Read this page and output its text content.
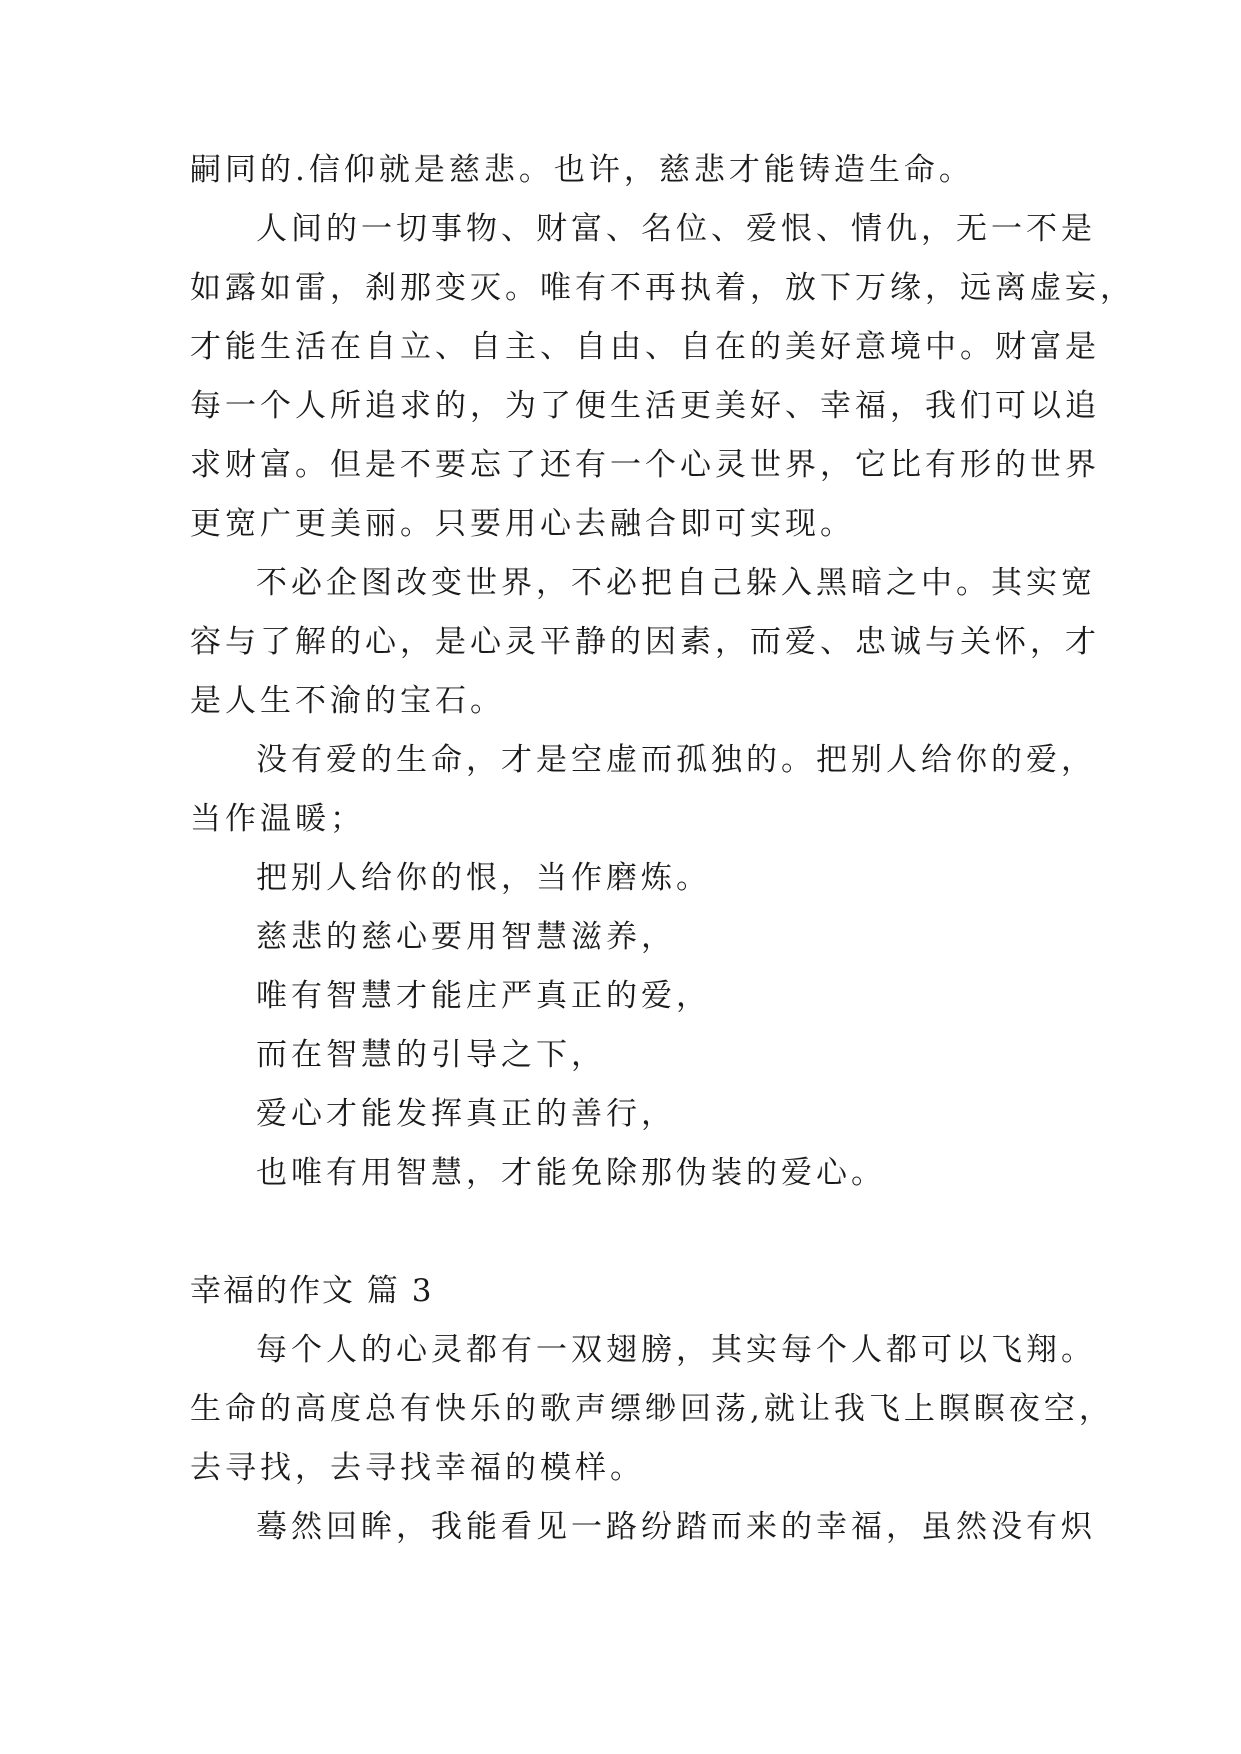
嗣同的.信仰就是慈悲。也许，慈悲才能铸造生命。
人间的一切事物、财富、名位、爱恨、情仇，无一不是
如露如雷，刹那变灭。唯有不再执着，放下万缘，远离虚妄，
才能生活在自立、自主、自由、自在的美好意境中。财富是
每一个人所追求的，为了便生活更美好、幸福，我们可以追
求财富。但是不要忘了还有一个心灵世界，它比有形的世界
更宽广更美丽。只要用心去融合即可实现。
不必企图改变世界，不必把自己躲入黑暗之中。其实宽
容与了解的心，是心灵平静的因素，而爱、忠诚与关怀，才
是人生不渝的宝石。
没有爱的生命，才是空虚而孤独的。把别人给你的爱，
当作温暖；
把别人给你的恨，当作磨炼。
慈悲的慈心要用智慧滋养，
唯有智慧才能庄严真正的爱，
而在智慧的引导之下，
爱心才能发挥真正的善行，
也唯有用智慧，才能免除那伪装的爱心。
幸福的作文 篇 3
每个人的心灵都有一双翅膀，其实每个人都可以飞翔。
生命的高度总有快乐的歌声缥缈回荡,就让我飞上瞑瞑夜空，
去寻找，去寻找幸福的模样。
蓦然回眸，我能看见一路纷踏而来的幸福，虽然没有炽
